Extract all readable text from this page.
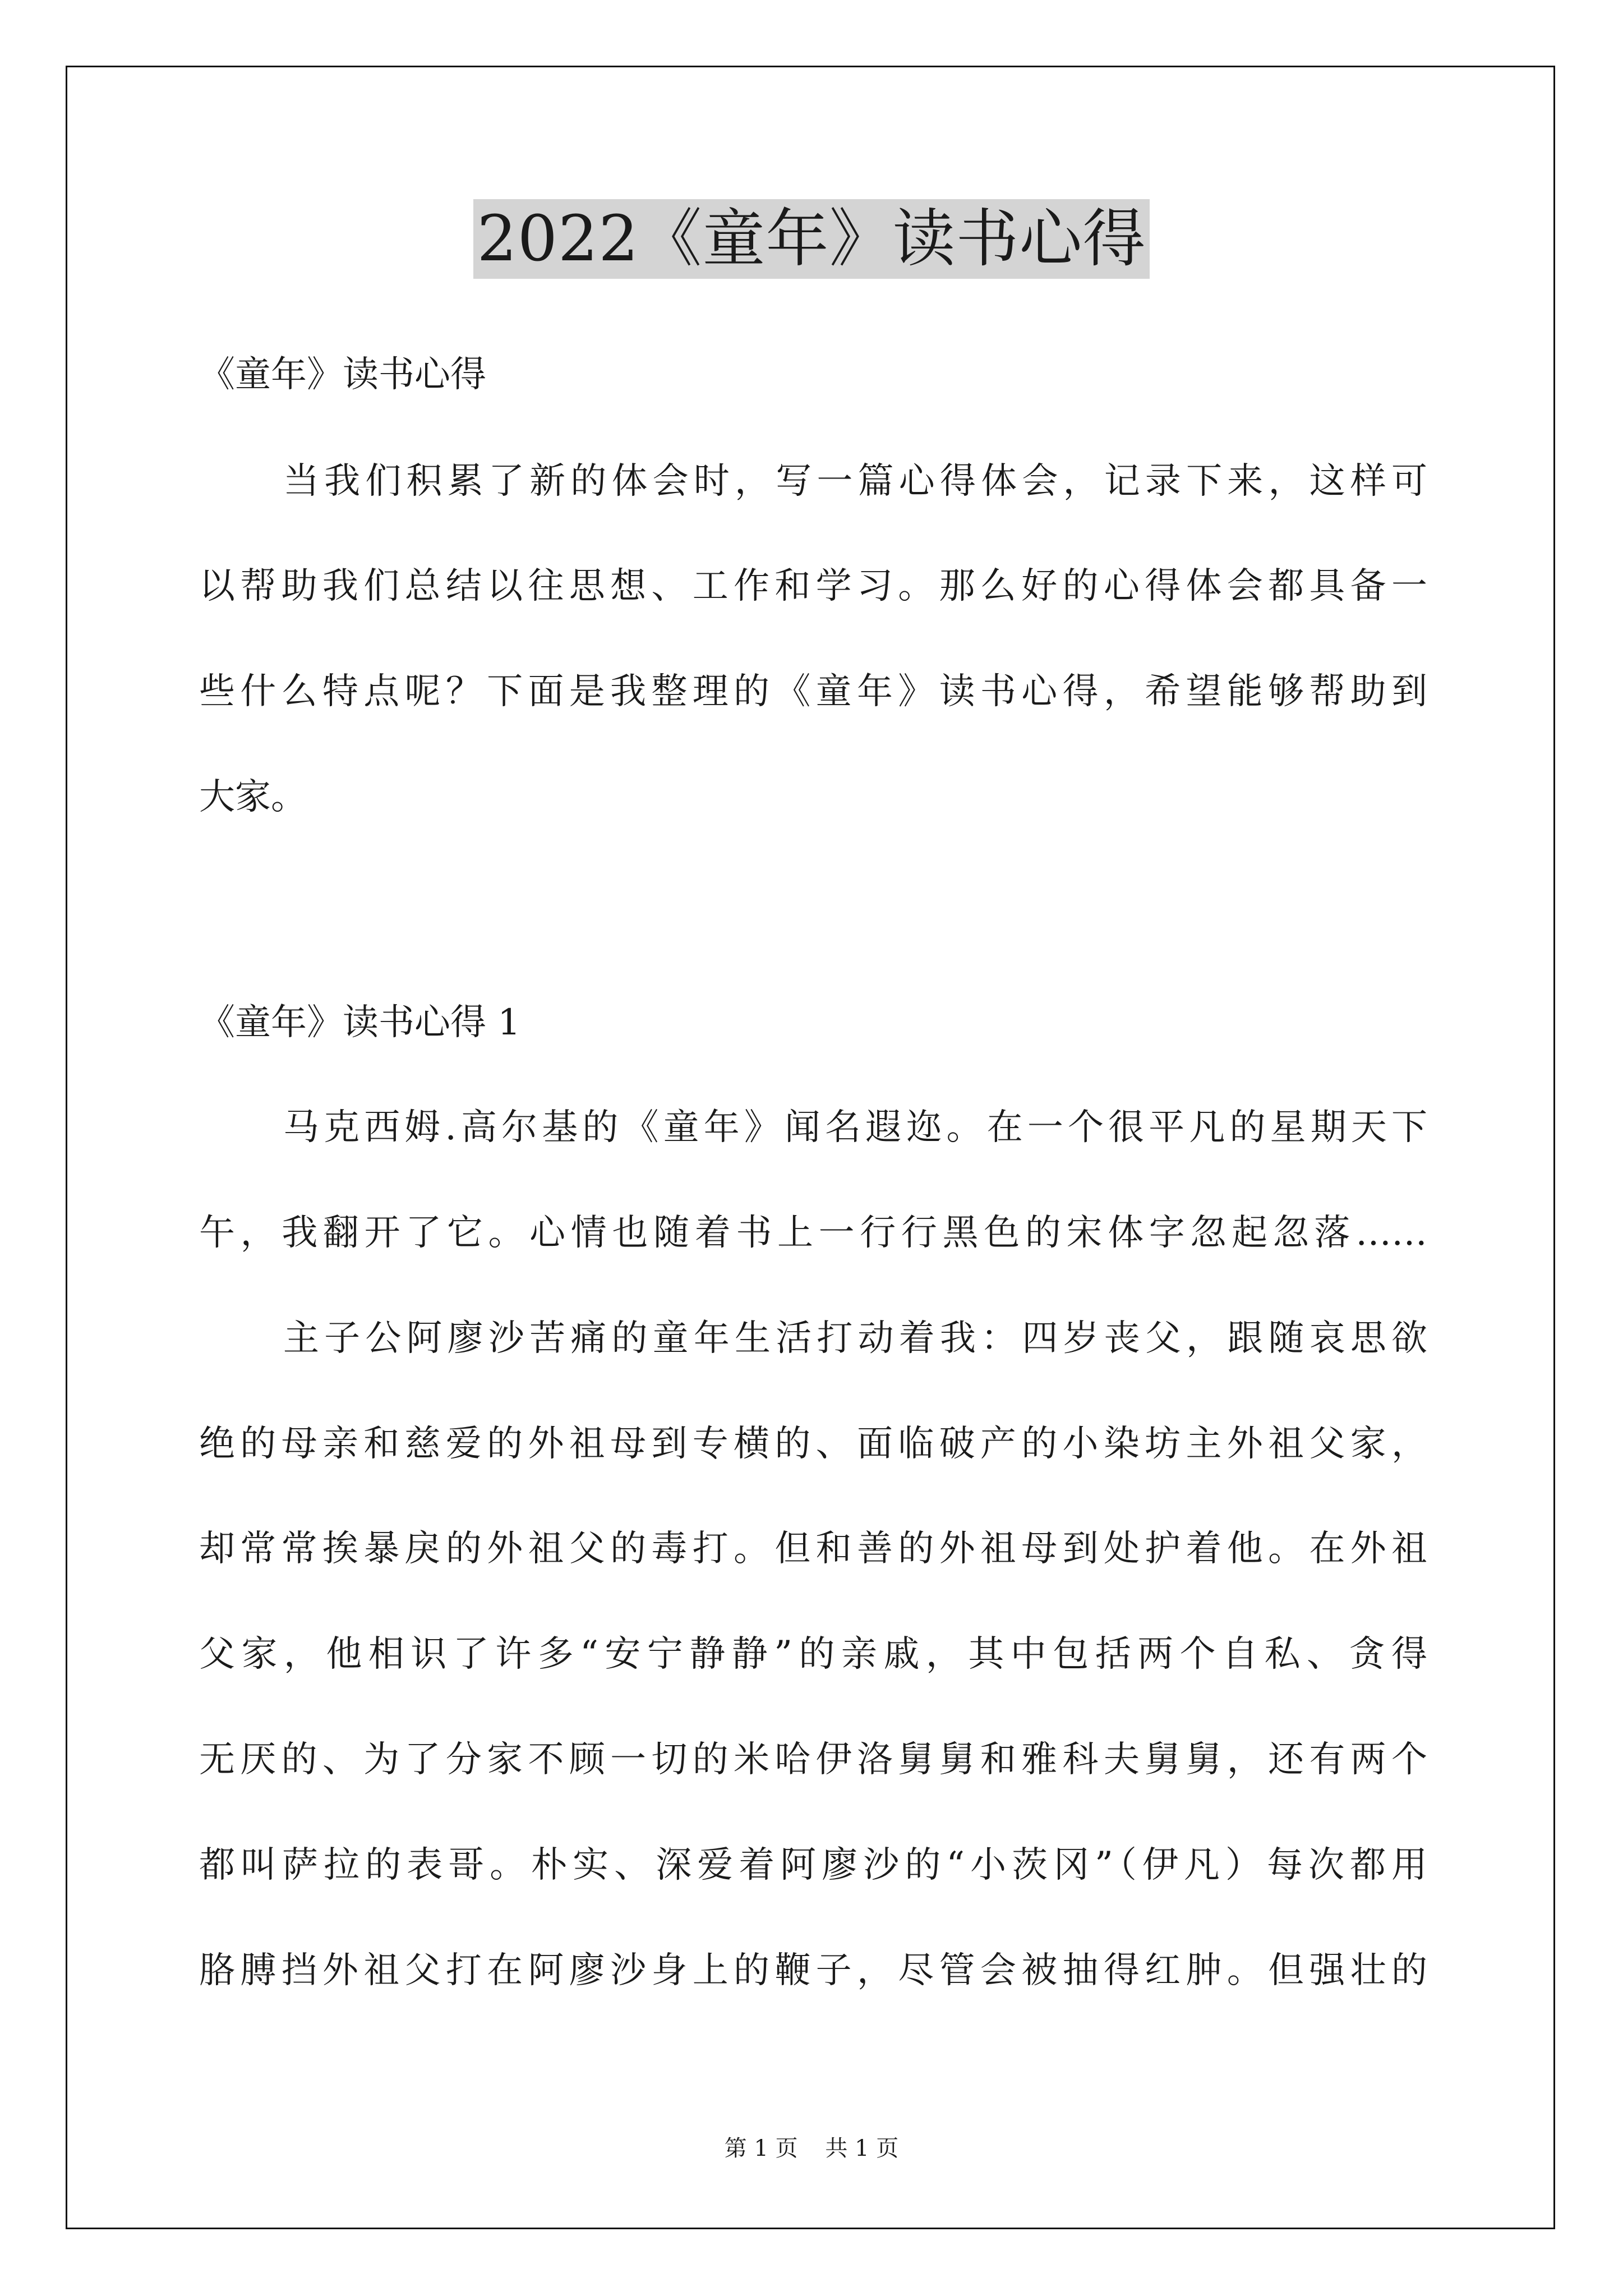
2022《童年》读书心得

《童年》读书心得

当我们积累了新的体会时，写一篇心得体会，记录下来，这样可

以帮助我们总结以往思想、工作和学习。那么好的心得体会都具备一

些什么特点呢？下面是我整理的《童年》读书心得，希望能够帮助到

大家。

《童年》读书心得 1

马克西姆.高尔基的《童年》闻名遐迩。在一个很平凡的星期天下

午，我翻开了它。心情也随着书上一行行黑色的宋体字忽起忽落……

主子公阿廖沙苦痛的童年生活打动着我：四岁丧父，跟随哀思欲

绝的母亲和慈爱的外祖母到专横的、面临破产的小染坊主外祖父家，

却常常挨暴戾的外祖父的毒打。但和善的外祖母到处护着他。在外祖

父家，他相识了许多“安宁静静”的亲戚，其中包括两个自私、贪得

无厌的、为了分家不顾一切的米哈伊洛舅舅和雅科夫舅舅，还有两个

都叫萨拉的表哥。朴实、深爱着阿廖沙的“小茨冈”（伊凡）每次都用

胳膊挡外祖父打在阿廖沙身上的鞭子，尽管会被抽得红肿。但强壮的

第 1 页 共 1 页
